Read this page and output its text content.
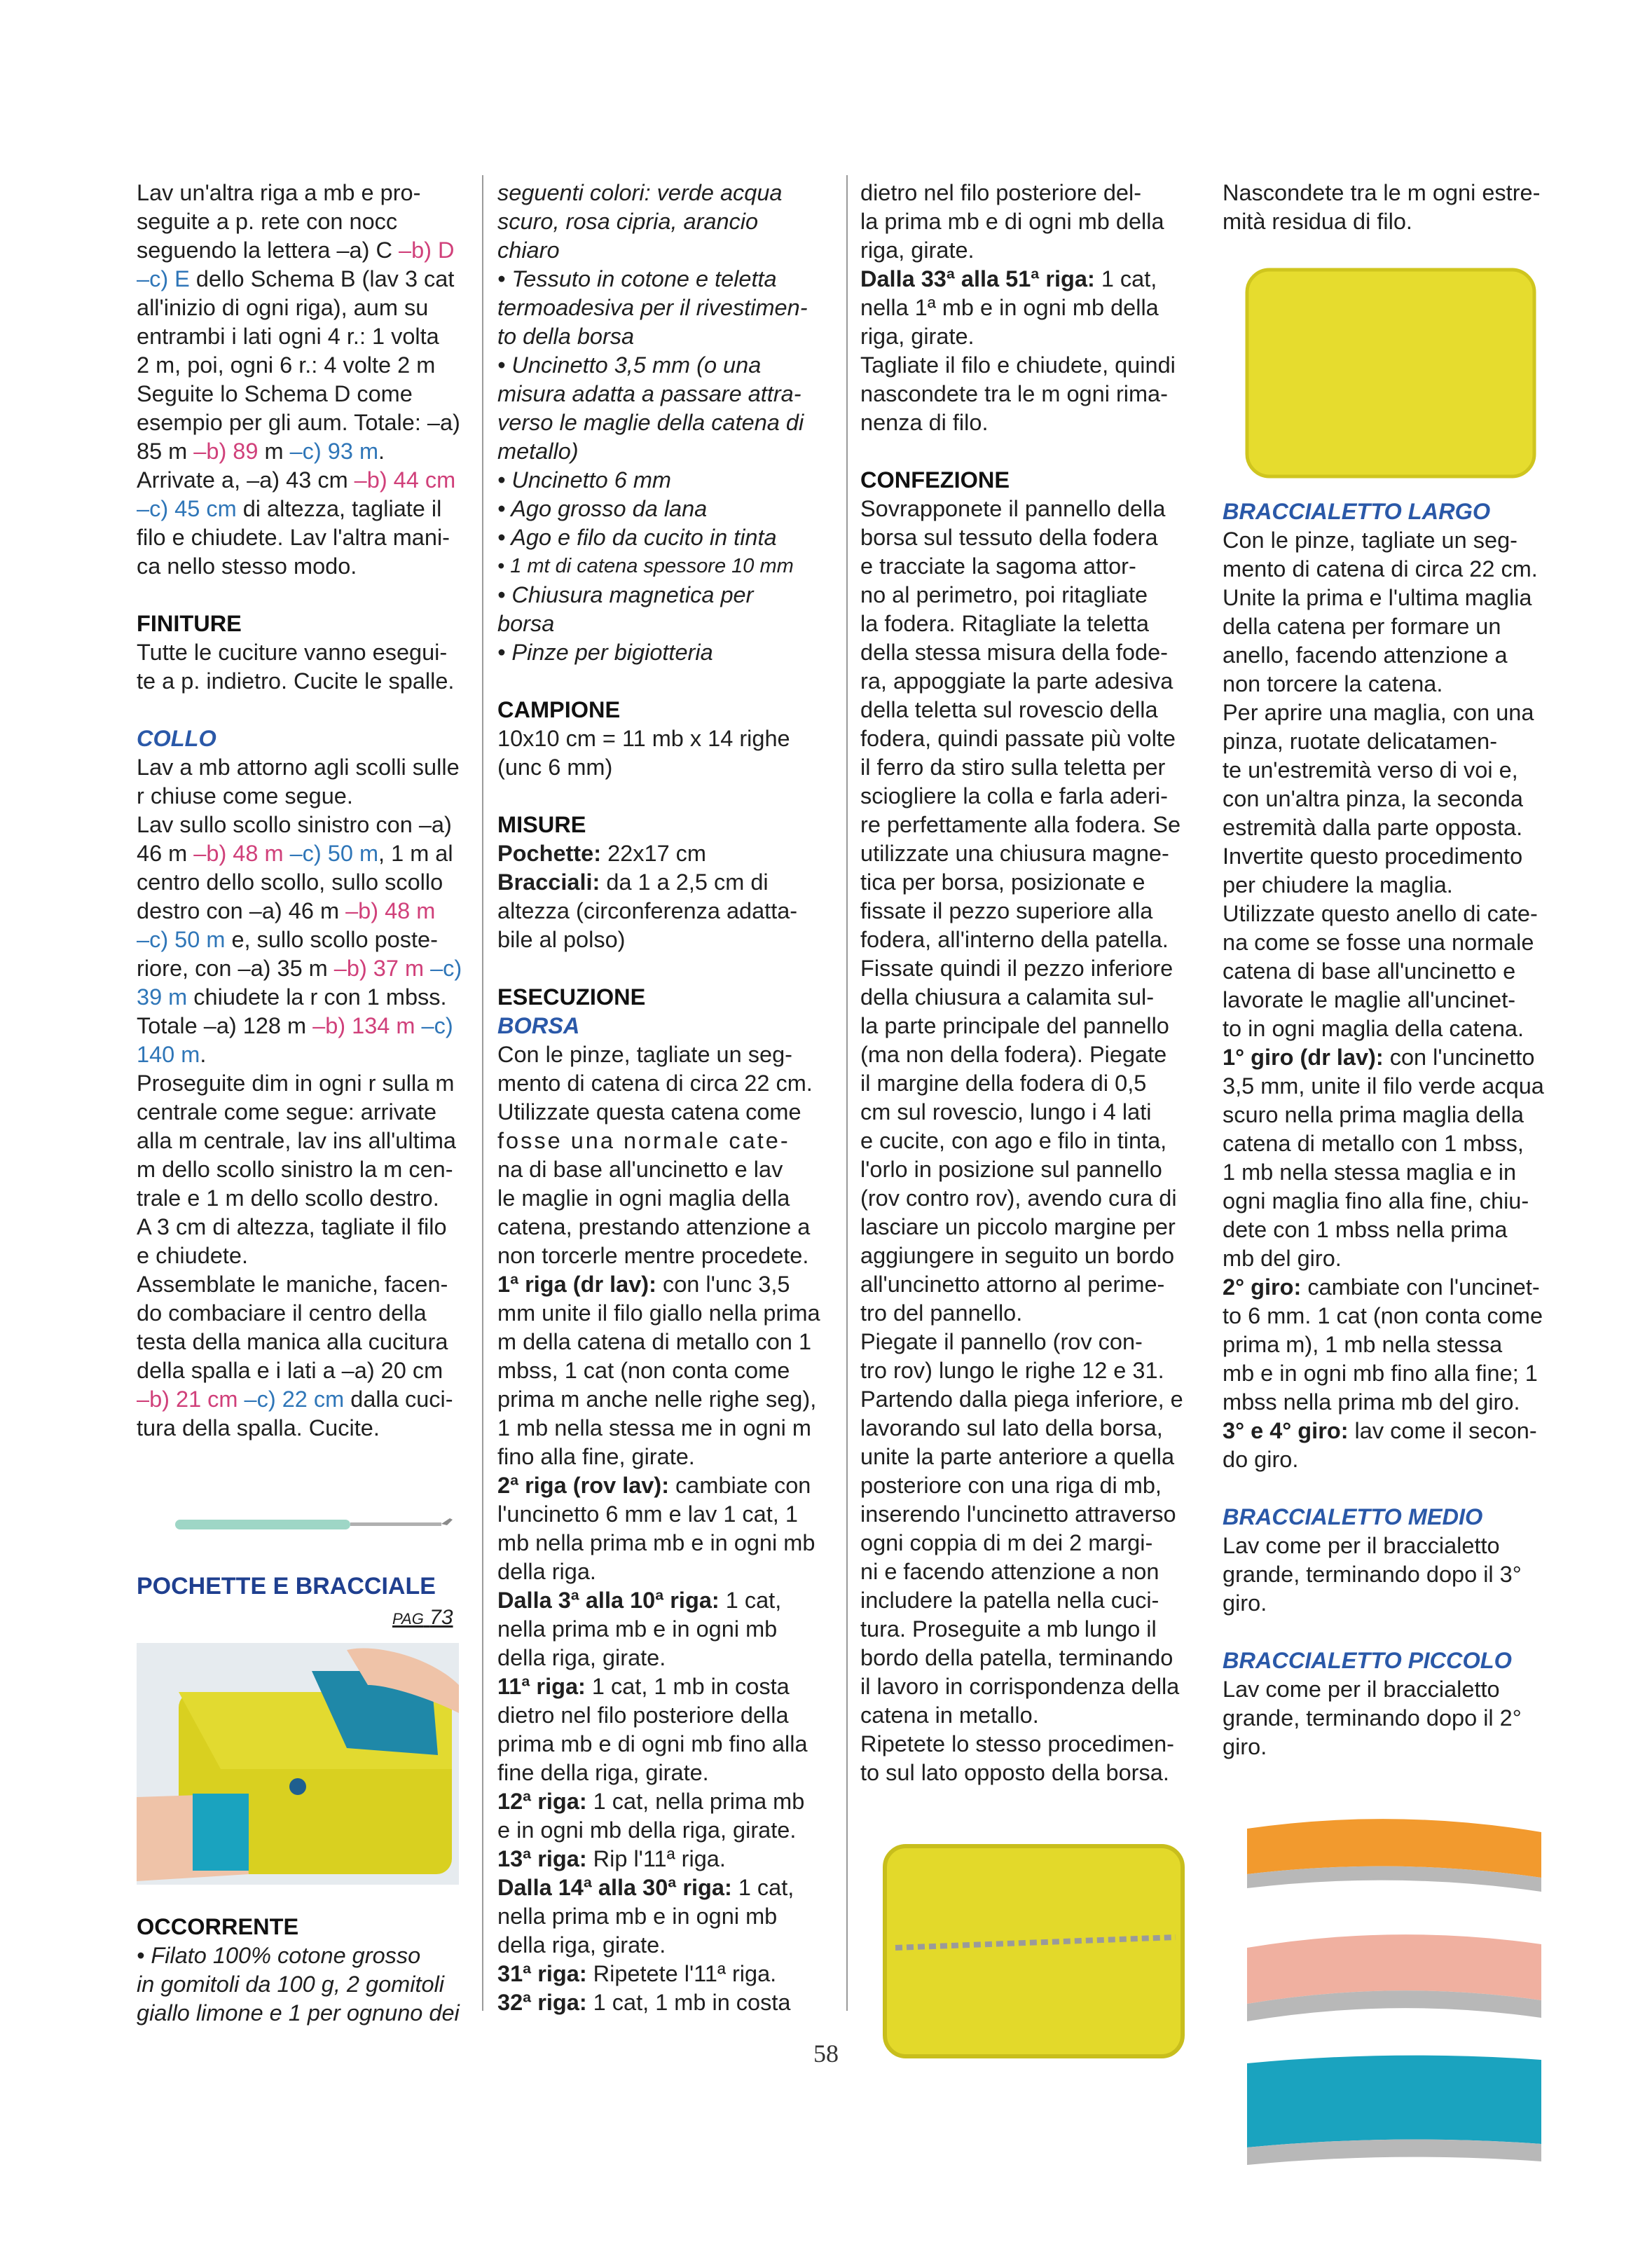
Lav un'altra riga a mb e pro-

seguite a p. rete con nocc

seguendo la lettera –a) C –b) D

–c) E dello Schema B (lav 3 cat

all'inizio di ogni riga), aum su

entrambi i lati ogni 4 r.: 1 volta

2 m, poi, ogni 6 r.: 4 volte 2 m

Seguite lo Schema D come

esempio per gli aum. Totale: –a)

85 m –b) 89 m –c) 93 m.

Arrivate a, –a) 43 cm –b) 44 cm

–c) 45 cm di altezza, tagliate il

filo e chiudete. Lav l'altra mani-

ca nello stesso modo.

FINITURE

Tutte le cuciture vanno esegui-

te a p. indietro. Cucite le spalle.

COLLO

Lav a mb attorno agli scolli sulle

r chiuse come segue.

Lav sullo scollo sinistro con –a)

46 m –b) 48 m –c) 50 m, 1 m al

centro dello scollo, sullo scollo

destro con –a) 46 m –b) 48 m

–c) 50 m e, sullo scollo poste-

riore, con –a) 35 m –b) 37 m –c)

39 m chiudete la r con 1 mbss.

Totale –a) 128 m –b) 134 m –c)

140 m.

Proseguite dim in ogni r sulla m

centrale come segue: arrivate

alla m centrale, lav ins all'ultima

m dello scollo sinistro la m cen-

trale e 1 m dello scollo destro.

A 3 cm di altezza, tagliate il filo

e chiudete.

Assemblate le maniche, facen-

do combaciare il centro della

testa della manica alla cucitura

della spalla e i lati a –a) 20 cm

–b) 21 cm –c) 22 cm dalla cuci-

tura della spalla. Cucite.

POCHETTE E BRACCIALE
PAG 73

OCCORRENTE

• Filato 100% cotone grosso

in gomitoli da 100 g, 2 gomitoli

giallo limone e 1 per ognuno dei

seguenti colori: verde acqua

scuro, rosa cipria, arancio

chiaro

• Tessuto in cotone e teletta

termoadesiva per il rivestimen-

to della borsa

• Uncinetto 3,5 mm (o una

misura adatta a passare attra-

verso le maglie della catena di

metallo)

• Uncinetto 6 mm

• Ago grosso da lana

• Ago e filo da cucito in tinta

• 1 mt di catena spessore 10 mm

• Chiusura magnetica per

borsa

• Pinze per bigiotteria

CAMPIONE

10x10 cm = 11 mb x 14 righe

(unc 6 mm)

MISURE

Pochette: 22x17 cm

Bracciali: da 1 a 2,5 cm di

altezza (circonferenza adatta-

bile al polso)

ESECUZIONE

BORSA

Con le pinze, tagliate un seg-

mento di catena di circa 22 cm.

Utilizzate questa catena come

fosse una normale cate-

na di base all'uncinetto e lav

le maglie in ogni maglia della

catena, prestando attenzione a

non torcerle mentre procedete.

1ª riga (dr lav): con l'unc 3,5

mm unite il filo giallo nella prima

m della catena di metallo con 1

mbss, 1 cat (non conta come

prima m anche nelle righe seg),

1 mb nella stessa me in ogni m

fino alla fine, girate.

2ª riga (rov lav): cambiate con

l'uncinetto 6 mm e lav 1 cat, 1

mb nella prima mb e in ogni mb

della riga.

Dalla 3ª alla 10ª riga: 1 cat,

nella prima mb e in ogni mb

della riga, girate.

11ª riga: 1 cat, 1 mb in costa

dietro nel filo posteriore della

prima mb e di ogni mb fino alla

fine della riga, girate.

12ª riga: 1 cat, nella prima mb

e in ogni mb della riga, girate.

13ª riga: Rip l'11ª riga.

Dalla 14ª alla 30ª riga: 1 cat,

nella prima mb e in ogni mb

della riga, girate.

31ª riga: Ripetete l'11ª riga.

32ª riga: 1 cat, 1 mb in costa

dietro nel filo posteriore del-

la prima mb e di ogni mb della

riga, girate.

Dalla 33ª alla 51ª riga: 1 cat,

nella 1ª mb e in ogni mb della

riga, girate.

Tagliate il filo e chiudete, quindi

nascondete tra le m ogni rima-

nenza di filo.

CONFEZIONE

Sovrapponete il pannello della

borsa sul tessuto della fodera

e tracciate la sagoma attor-

no al perimetro, poi ritagliate

la fodera. Ritagliate la teletta

della stessa misura della fode-

ra, appoggiate la parte adesiva

della teletta sul rovescio della

fodera, quindi passate più volte

il ferro da stiro sulla teletta per

sciogliere la colla e farla aderi-

re perfettamente alla fodera. Se

utilizzate una chiusura magne-

tica per borsa, posizionate e

fissate il pezzo superiore alla

fodera, all'interno della patella.

Fissate quindi il pezzo inferiore

della chiusura a calamita sul-

la parte principale del pannello

(ma non della fodera). Piegate

il margine della fodera di 0,5

cm sul rovescio, lungo i 4 lati

e cucite, con ago e filo in tinta,

l'orlo in posizione sul pannello

(rov contro rov), avendo cura di

lasciare un piccolo margine per

aggiungere in seguito un bordo

all'uncinetto attorno al perime-

tro del pannello.

Piegate il pannello (rov con-

tro rov) lungo le righe 12 e 31.

Partendo dalla piega inferiore, e

lavorando sul lato della borsa,

unite la parte anteriore a quella

posteriore con una riga di mb,

inserendo l'uncinetto attraverso

ogni coppia di m dei 2 margi-

ni e facendo attenzione a non

includere la patella nella cuci-

tura. Proseguite a mb lungo il

bordo della patella, terminando

il lavoro in corrispondenza della

catena in metallo.

Ripetete lo stesso procedimen-

to sul lato opposto della borsa.

Nascondete tra le m ogni estre-

mità residua di filo.

BRACCIALETTO LARGO

Con le pinze, tagliate un seg-

mento di catena di circa 22 cm.

Unite la prima e l'ultima maglia

della catena per formare un

anello, facendo attenzione a

non torcere la catena.

Per aprire una maglia, con una

pinza, ruotate delicatamen-

te un'estremità verso di voi e,

con un'altra pinza, la seconda

estremità dalla parte opposta.

Invertite questo procedimento

per chiudere la maglia.

Utilizzate questo anello di cate-

na come se fosse una normale

catena di base all'uncinetto e

lavorate le maglie all'uncinet-

to in ogni maglia della catena.

1° giro (dr lav): con l'uncinetto

3,5 mm, unite il filo verde acqua

scuro nella prima maglia della

catena di metallo con 1 mbss,

1 mb nella stessa maglia e in

ogni maglia fino alla fine, chiu-

dete con 1 mbss nella prima

mb del giro.

2° giro: cambiate con l'uncinet-

to 6 mm. 1 cat (non conta come

prima m), 1 mb nella stessa

mb e in ogni mb fino alla fine; 1

mbss nella prima mb del giro.

3° e 4° giro: lav come il secon-

do giro.

BRACCIALETTO MEDIO

Lav come per il braccialetto

grande, terminando dopo il 3°

giro.

BRACCIALETTO PICCOLO

Lav come per il braccialetto

grande, terminando dopo il 2°

giro.

58
